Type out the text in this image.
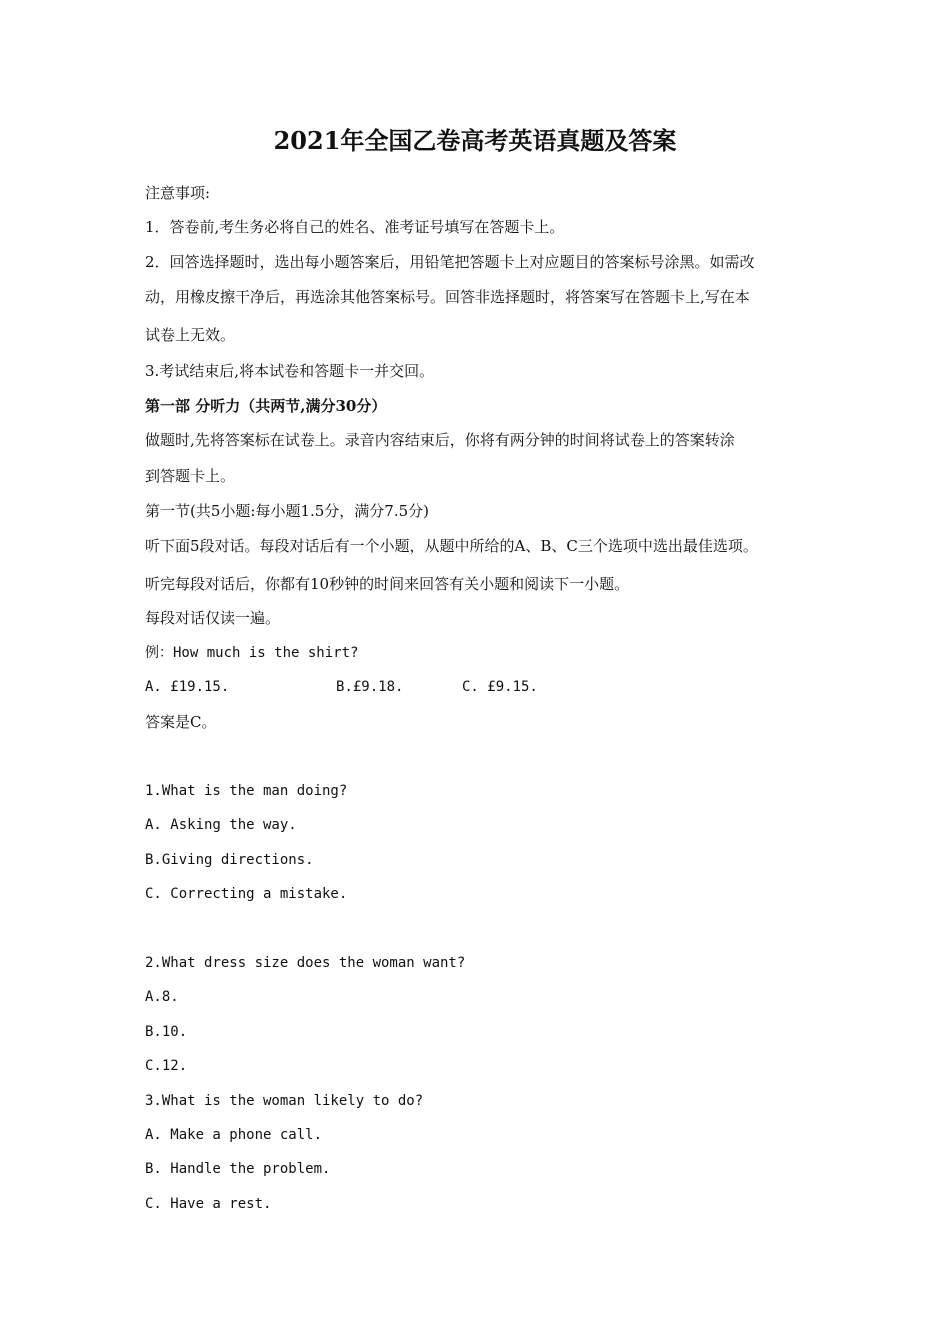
2021年全国乙卷高考英语真题及答案
注意事项:
1．答卷前,考生务必将自己的姓名、准考证号填写在答题卡上。
2．回答选择题时，选出每小题答案后，用铅笔把答题卡上对应题目的答案标号涂黑。如需改
动，用橡皮擦干净后，再选涂其他答案标号。回答非选择题时，将答案写在答题卡上,写在本
试卷上无效。
3.考试结束后,将本试卷和答题卡一并交回。
第一部 分听力（共两节,满分30分）
做题时,先将答案标在试卷上。录音内容结束后，你将有两分钟的时间将试卷上的答案转涂
到答题卡上。
第一节(共5小题:每小题1.5分，满分7.5分)
听下面5段对话。每段对话后有一个小题，从题中所给的A、B、C三个选项中选出最佳选项。
听完每段对话后，你都有10秒钟的时间来回答有关小题和阅读下一小题。
每段对话仅读一遍。
例：How much is the shirt?
A. £19.15.	B.£9.18.	C. £9.15.
答案是C。
1.What is the man doing?
A. Asking the way.
B.Giving directions.
C. Correcting a mistake.
2.What dress size does the woman want?
A.8.
B.10.
C.12.
3.What is the woman likely to do?
A. Make a phone call.
B. Handle the problem.
C. Have a rest.
